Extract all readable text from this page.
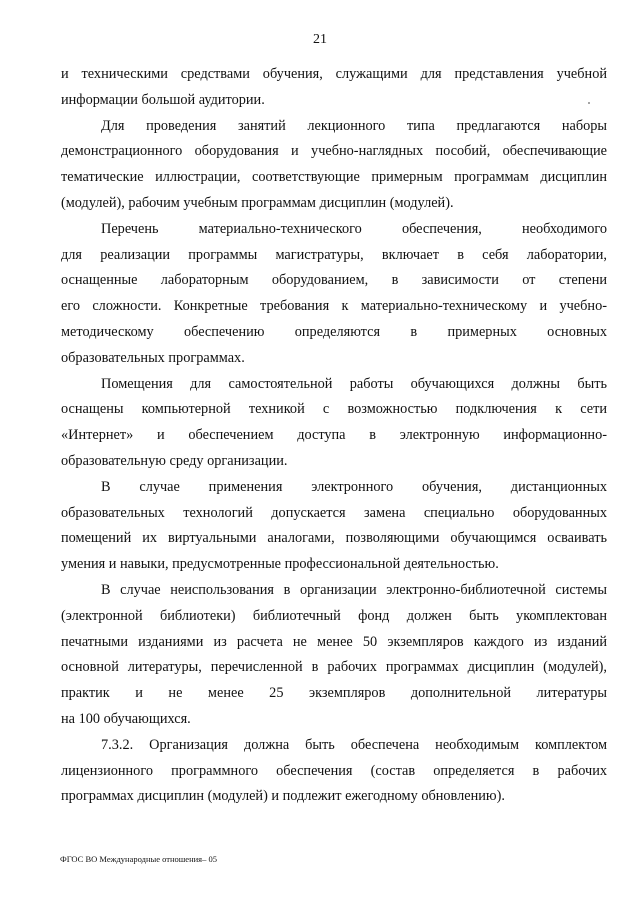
21
и техническими средствами обучения, служащими для представления учебной
информации большой аудитории.
Для проведения занятий лекционного типа предлагаются наборы
демонстрационного оборудования и учебно-наглядных пособий, обеспечивающие
тематические иллюстрации, соответствующие примерным программам дисциплин
(модулей), рабочим учебным программам дисциплин (модулей).
Перечень материально-технического обеспечения, необходимого
для реализации программы магистратуры, включает в себя лаборатории,
оснащенные лабораторным оборудованием, в зависимости от степени
его сложности. Конкретные требования к материально-техническому и учебно-
методическому обеспечению определяются в примерных основных
образовательных программах.
Помещения для самостоятельной работы обучающихся должны быть
оснащены компьютерной техникой с возможностью подключения к сети
«Интернет» и обеспечением доступа в электронную информационно-
образовательную среду организации.
В случае применения электронного обучения, дистанционных
образовательных технологий допускается замена специально оборудованных
помещений их виртуальными аналогами, позволяющими обучающимся осваивать
умения и навыки, предусмотренные профессиональной деятельностью.
В случае неиспользования в организации электронно-библиотечной системы
(электронной библиотеки) библиотечный фонд должен быть укомплектован
печатными изданиями из расчета не менее 50 экземпляров каждого из изданий
основной литературы, перечисленной в рабочих программах дисциплин (модулей),
практик и не менее 25 экземпляров дополнительной литературы
на 100 обучающихся.
7.3.2. Организация должна быть обеспечена необходимым комплектом
лицензионного программного обеспечения (состав определяется в рабочих
программах дисциплин (модулей) и подлежит ежегодному обновлению).
ФГОС ВО Международные отношения– 05
